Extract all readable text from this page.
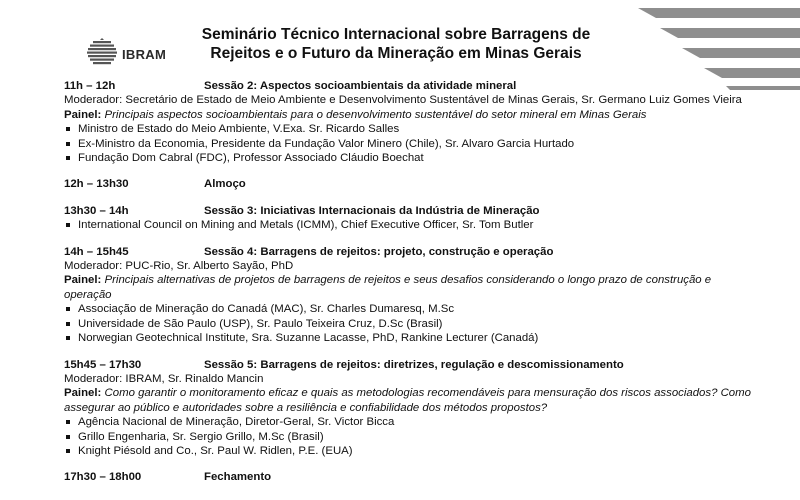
IBRAM
Seminário Técnico Internacional sobre Barragens de
Rejeitos e o Futuro da Mineração em Minas Gerais
11h – 12h	Sessão 2: Aspectos socioambientais da atividade mineral
Moderador: Secretário de Estado de Meio Ambiente e Desenvolvimento Sustentável de Minas Gerais, Sr. Germano Luiz Gomes Vieira
Painel: Principais aspectos socioambientais para o desenvolvimento sustentável do setor mineral em Minas Gerais
Ministro de Estado do Meio Ambiente, V.Exa. Sr. Ricardo Salles
Ex-Ministro da Economia, Presidente da Fundação Valor Minero (Chile), Sr. Alvaro Garcia Hurtado
Fundação Dom Cabral (FDC), Professor Associado Cláudio Boechat
12h – 13h30	Almoço
13h30 – 14h	Sessão 3: Iniciativas Internacionais da Indústria de Mineração
International Council on Mining and Metals (ICMM), Chief Executive Officer, Sr. Tom Butler
14h – 15h45	Sessão 4: Barragens de rejeitos: projeto, construção e operação
Moderador: PUC-Rio, Sr. Alberto Sayão, PhD
Painel: Principais alternativas de projetos de barragens de rejeitos e seus desafios considerando o longo prazo de construção e operação
Associação de Mineração do Canadá (MAC), Sr. Charles Dumaresq, M.Sc
Universidade de São Paulo (USP), Sr. Paulo Teixeira Cruz, D.Sc (Brasil)
Norwegian Geotechnical Institute, Sra. Suzanne Lacasse, PhD, Rankine Lecturer (Canadá)
15h45 – 17h30	Sessão 5: Barragens de rejeitos: diretrizes, regulação e descomissionamento
Moderador: IBRAM, Sr. Rinaldo Mancin
Painel: Como garantir o monitoramento eficaz e quais as metodologias recomendáveis para mensuração dos riscos associados? Como assegurar ao público e autoridades sobre a resiliência e confiabilidade dos métodos propostos?
Agência Nacional de Mineração, Diretor-Geral, Sr. Victor Bicca
Grillo Engenharia, Sr. Sergio Grillo, M.Sc (Brasil)
Knight Piésold and Co., Sr. Paul W. Ridlen, P.E. (EUA)
17h30 – 18h00	Fechamento
